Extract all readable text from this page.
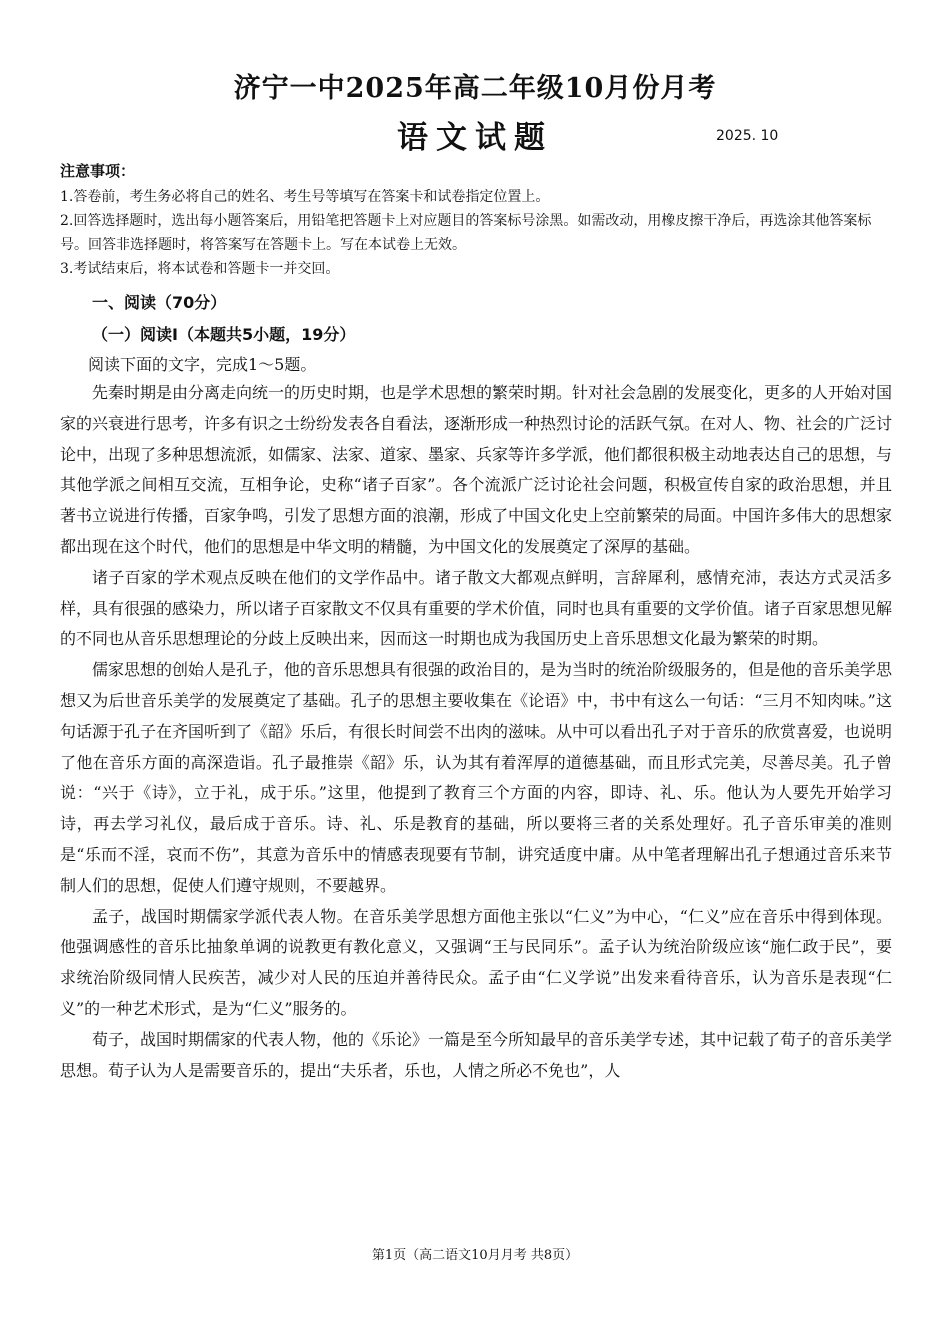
济宁一中2025年高二年级10月份月考
语文试题	2025. 10
注意事项：
1.答卷前，考生务必将自己的姓名、考生号等填写在答案卡和试卷指定位置上。
2.回答选择题时，选出每小题答案后，用铅笔把答题卡上对应题目的答案标号涂黑。如需改动，用橡皮擦干净后，再选涂其他答案标号。回答非选择题时，将答案写在答题卡上。写在本试卷上无效。
3.考试结束后，将本试卷和答题卡一并交回。
一、阅读（70分）
（一）阅读Ⅰ（本题共5小题，19分）
阅读下面的文字，完成1～5题。

先秦时期是由分离走向统一的历史时期，也是学术思想的繁荣时期。针对社会急剧的发展变化，更多的人开始对国家的兴衰进行思考，许多有识之士纷纷发表各自看法，逐渐形成一种热烈讨论的活跃气氛。在对人、物、社会的广泛讨论中，出现了多种思想流派，如儒家、法家、道家、墨家、兵家等许多学派，他们都很积极主动地表达自己的思想，与其他学派之间相互交流，互相争论，史称“诸子百家”。各个流派广泛讨论社会问题，积极宣传自家的政治思想，并且著书立说进行传播，百家争鸣，引发了思想方面的浪潮，形成了中国文化史上空前繁荣的局面。中国许多伟大的思想家都出现在这个时代，他们的思想是中华文明的精髓，为中国文化的发展奠定了深厚的基础。

诸子百家的学术观点反映在他们的文学作品中。诸子散文大都观点鲜明，言辞犀利，感情充沛，表达方式灵活多样，具有很强的感染力，所以诸子百家散文不仅具有重要的学术价值，同时也具有重要的文学价值。诸子百家思想见解的不同也从音乐思想理论的分歧上反映出来，因而这一时期也成为我国历史上音乐思想文化最为繁荣的时期。

儒家思想的创始人是孔子，他的音乐思想具有很强的政治目的，是为当时的统治阶级服务的，但是他的音乐美学思想又为后世音乐美学的发展奠定了基础。孔子的思想主要收集在《论语》中，书中有这么一句话：“三月不知肉味。”这句话源于孔子在齐国听到了《韶》乐后，有很长时间尝不出肉的滋味。从中可以看出孔子对于音乐的欣赏喜爱，也说明了他在音乐方面的高深造诣。孔子最推崇《韶》乐，认为其有着浑厚的道德基础，而且形式完美，尽善尽美。孔子曾说：“兴于《诗》，立于礼，成于乐。”这里，他提到了教育三个方面的内容，即诗、礼、乐。他认为人要先开始学习诗，再去学习礼仪，最后成于音乐。诗、礼、乐是教育的基础，所以要将三者的关系处理好。孔子音乐审美的准则是“乐而不淫，哀而不伤”，其意为音乐中的情感表现要有节制，讲究适度中庸。从中笔者理解出孔子想通过音乐来节制人们的思想，促使人们遵守规则，不要越界。

孟子，战国时期儒家学派代表人物。在音乐美学思想方面他主张以“仁义”为中心，“仁义”应在音乐中得到体现。他强调感性的音乐比抽象单调的说教更有教化意义，又强调“王与民同乐”。孟子认为统治阶级应该“施仁政于民”，要求统治阶级同情人民疾苦，减少对人民的压迫并善待民众。孟子由“仁义学说”出发来看待音乐，认为音乐是表现“仁义”的一种艺术形式，是为“仁义”服务的。

荀子，战国时期儒家的代表人物，他的《乐论》一篇是至今所知最早的音乐美学专述，其中记载了荀子的音乐美学思想。荀子认为人是需要音乐的，提出“夫乐者，乐也，人情之所必不免也”，人

第1页（高二语文10月月考 共8页）
